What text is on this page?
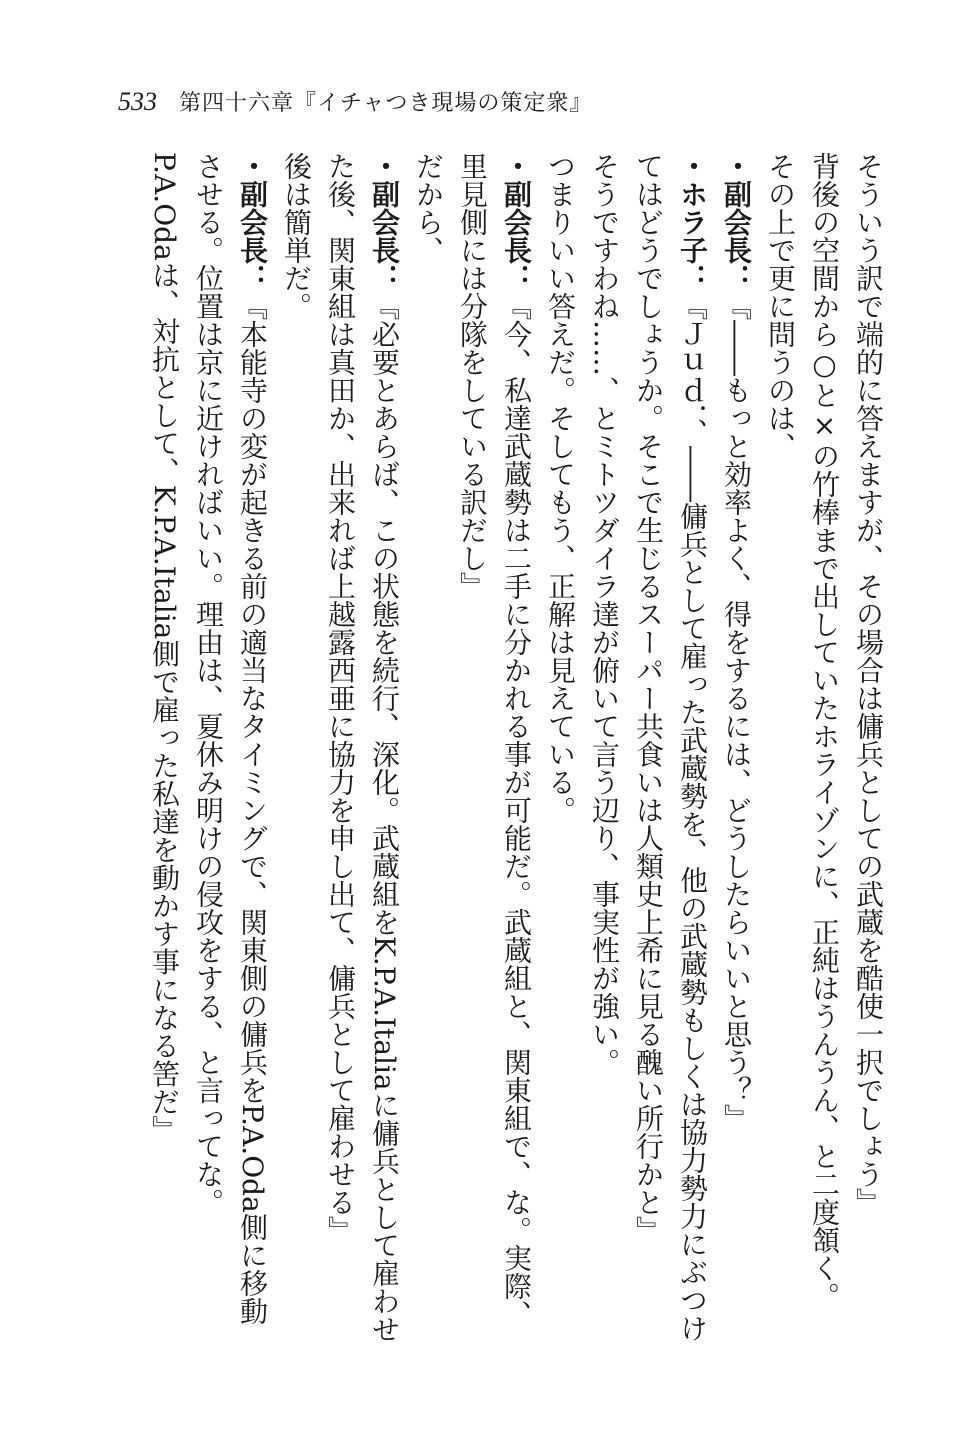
533 第四十六章『イチャつき現場の策定衆』
そういう訳で端的に答えますが、その場合は傭兵としての武蔵を酷使一択でしょう』
背後の空間から○と×の竹棒まで出していたホライゾンに、正純はうんうん、と二度頷く。
その上で更に問うのは、
・副会長：『――もっと効率よく、得をするには、どうしたらいいと思う？』
・ホラ子：『Ｊｕｄ．、――傭兵として雇った武蔵勢を、他の武蔵勢もしくは協力勢力にぶつけ
てはどうでしょうか。そこで生じるスーパー共食いは人類史上希に見る醜い所行かと』
そうですわね……、とミトツダイラ達が俯いて言う辺り、事実性が強い。
つまりいい答えだ。そしてもう、正解は見えている。
・副会長：『今、私達武蔵勢は二手に分かれる事が可能だ。武蔵組と、関東組で、な。実際、
里見側には分隊をしている訳だし』
だから、
・副会長：『必要とあらば、この状態を続行、深化。武蔵組をK.P.A.Italiaに傭兵として雇わせ
た後、関東組は真田か、出来れば上越露西亜に協力を申し出て、傭兵として雇わせる』
後は簡単だ。
・副会長：『本能寺の変が起きる前の適当なタイミングで、関東側の傭兵をP.A.Oda側に移動
させる。位置は京に近ければいい。理由は、夏休み明けの侵攻をする、と言ってな。
P.A.Odaは、対抗として、K.P.A.Italia側で雇った私達を動かす事になる筈だ』
